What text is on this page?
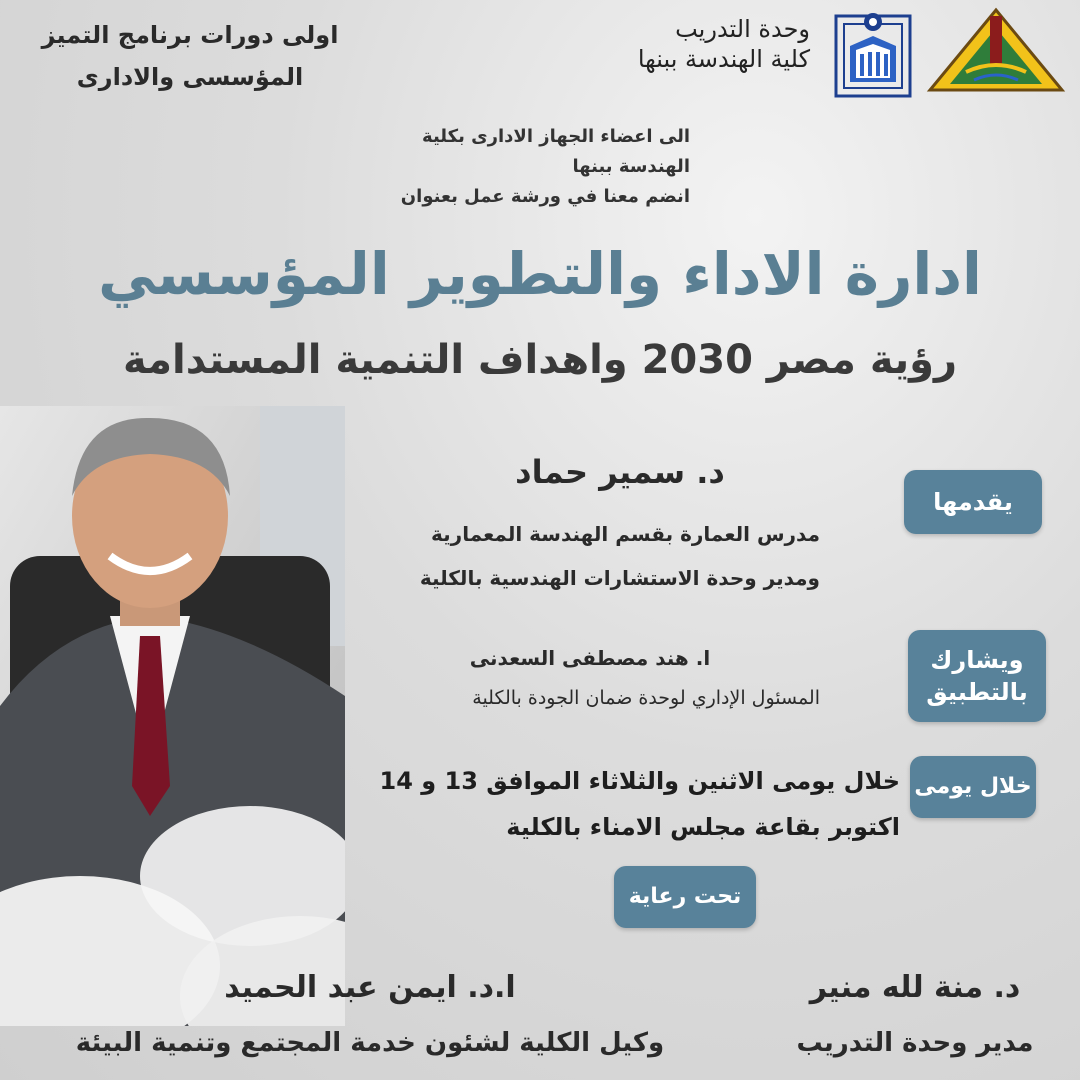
اولى دورات برنامج التميز
المؤسسى والادارى
وحدة التدريب
كلية الهندسة ببنها
الى اعضاء الجهاز الادارى بكلية
الهندسة ببنها
انضم معنا في ورشة عمل بعنوان
ادارة الاداء والتطوير المؤسسي
رؤية مصر 2030 واهداف التنمية المستدامة
يقدمها
ويشارك
بالتطبيق
خلال يومى
تحت رعاية
د. سمير حماد
مدرس العمارة بقسم الهندسة المعمارية
ومدير وحدة الاستشارات الهندسية بالكلية
ا. هند مصطفى السعدنى
المسئول الإداري لوحدة ضمان الجودة بالكلية
خلال يومى الاثنين والثلاثاء الموافق 13 و 14
اكتوبر بقاعة مجلس الامناء بالكلية
ا.د. ايمن عبد الحميد
وكيل الكلية لشئون خدمة المجتمع وتنمية البيئة
د. منة لله منير
مدير وحدة التدريب
